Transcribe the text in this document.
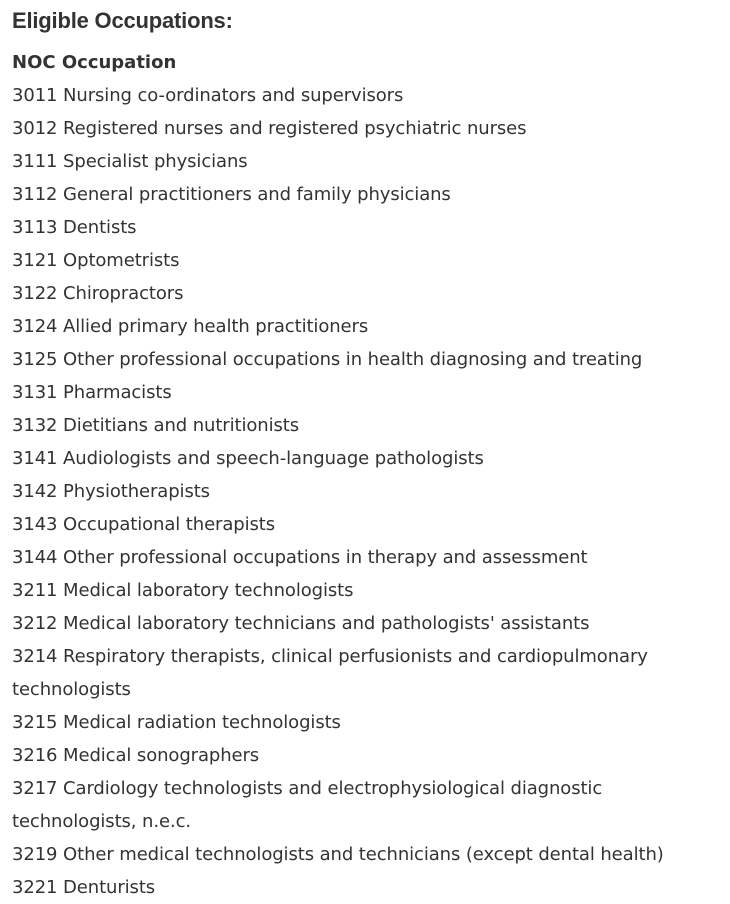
Eligible Occupations:
NOC Occupation
3011 Nursing co-ordinators and supervisors
3012 Registered nurses and registered psychiatric nurses
3111 Specialist physicians
3112 General practitioners and family physicians
3113 Dentists
3121 Optometrists
3122 Chiropractors
3124 Allied primary health practitioners
3125 Other professional occupations in health diagnosing and treating
3131 Pharmacists
3132 Dietitians and nutritionists
3141 Audiologists and speech-language pathologists
3142 Physiotherapists
3143 Occupational therapists
3144 Other professional occupations in therapy and assessment
3211 Medical laboratory technologists
3212 Medical laboratory technicians and pathologists' assistants
3214 Respiratory therapists, clinical perfusionists and cardiopulmonary technologists
3215 Medical radiation technologists
3216 Medical sonographers
3217 Cardiology technologists and electrophysiological diagnostic technologists, n.e.c.
3219 Other medical technologists and technicians (except dental health)
3221 Denturists
